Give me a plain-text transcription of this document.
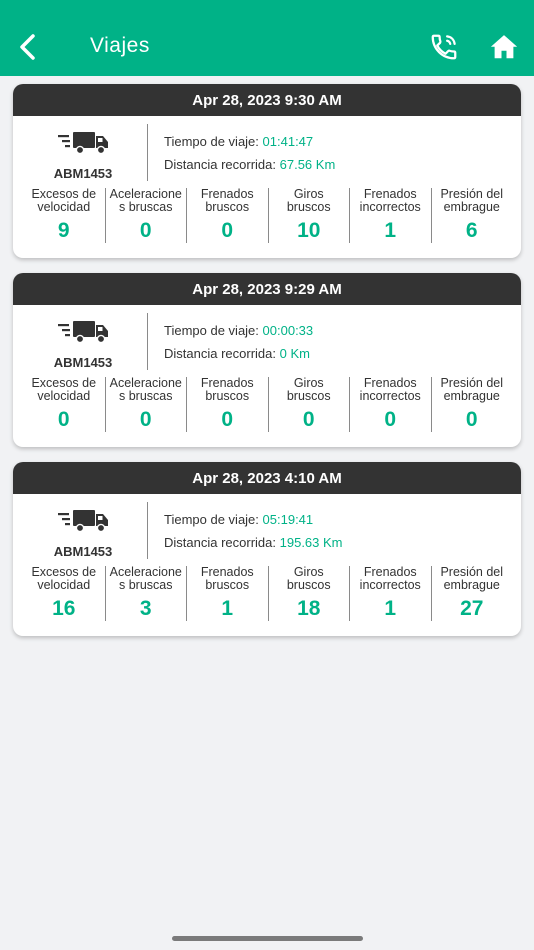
Viajes
Apr 28, 2023 9:30 AM
ABM1453
Tiempo de viaje: 01:41:47
Distancia recorrida: 67.56 Km
Excesos de
velocidad
9
Aceleracione
s bruscas
0
Frenados
bruscos
0
Giros
bruscos
10
Frenados
incorrectos
1
Presión del
embrague
6
Apr 28, 2023 9:29 AM
ABM1453
Tiempo de viaje: 00:00:33
Distancia recorrida: 0 Km
Excesos de
velocidad
0
Aceleracione
s bruscas
0
Frenados
bruscos
0
Giros
bruscos
0
Frenados
incorrectos
0
Presión del
embrague
0
Apr 28, 2023 4:10 AM
ABM1453
Tiempo de viaje: 05:19:41
Distancia recorrida: 195.63 Km
Excesos de
velocidad
16
Aceleracione
s bruscas
3
Frenados
bruscos
1
Giros
bruscos
18
Frenados
incorrectos
1
Presión del
embrague
27
